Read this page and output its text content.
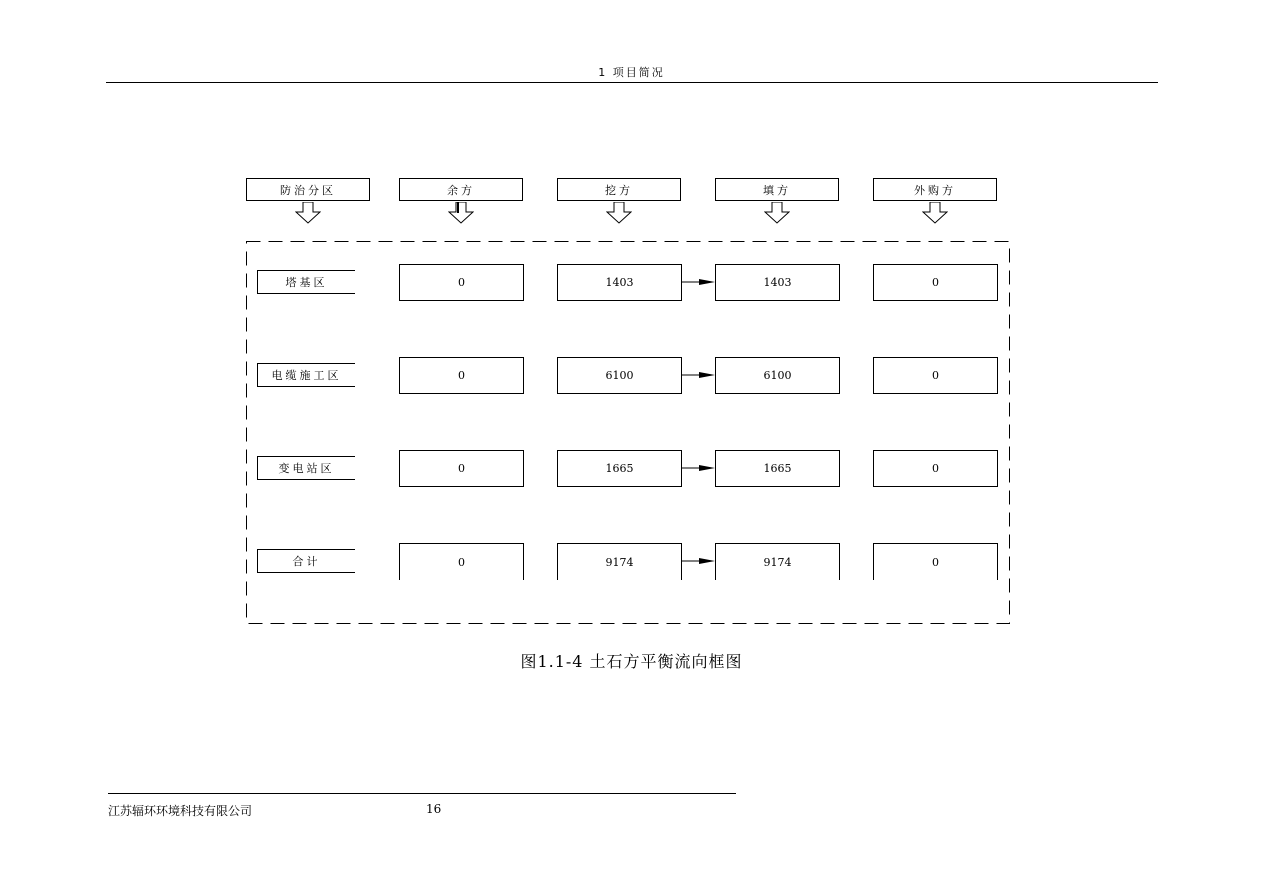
1 项目简况
防治分区	余方	挖方	填方	外购方
塔基区	0	1403	1403	0
电缆施工区	0	6100	6100	0
变电站区	0	1665	1665	0
合计	0	9174	9174	0
图1.1-4 土石方平衡流向框图
江苏辐环环境科技有限公司	16
